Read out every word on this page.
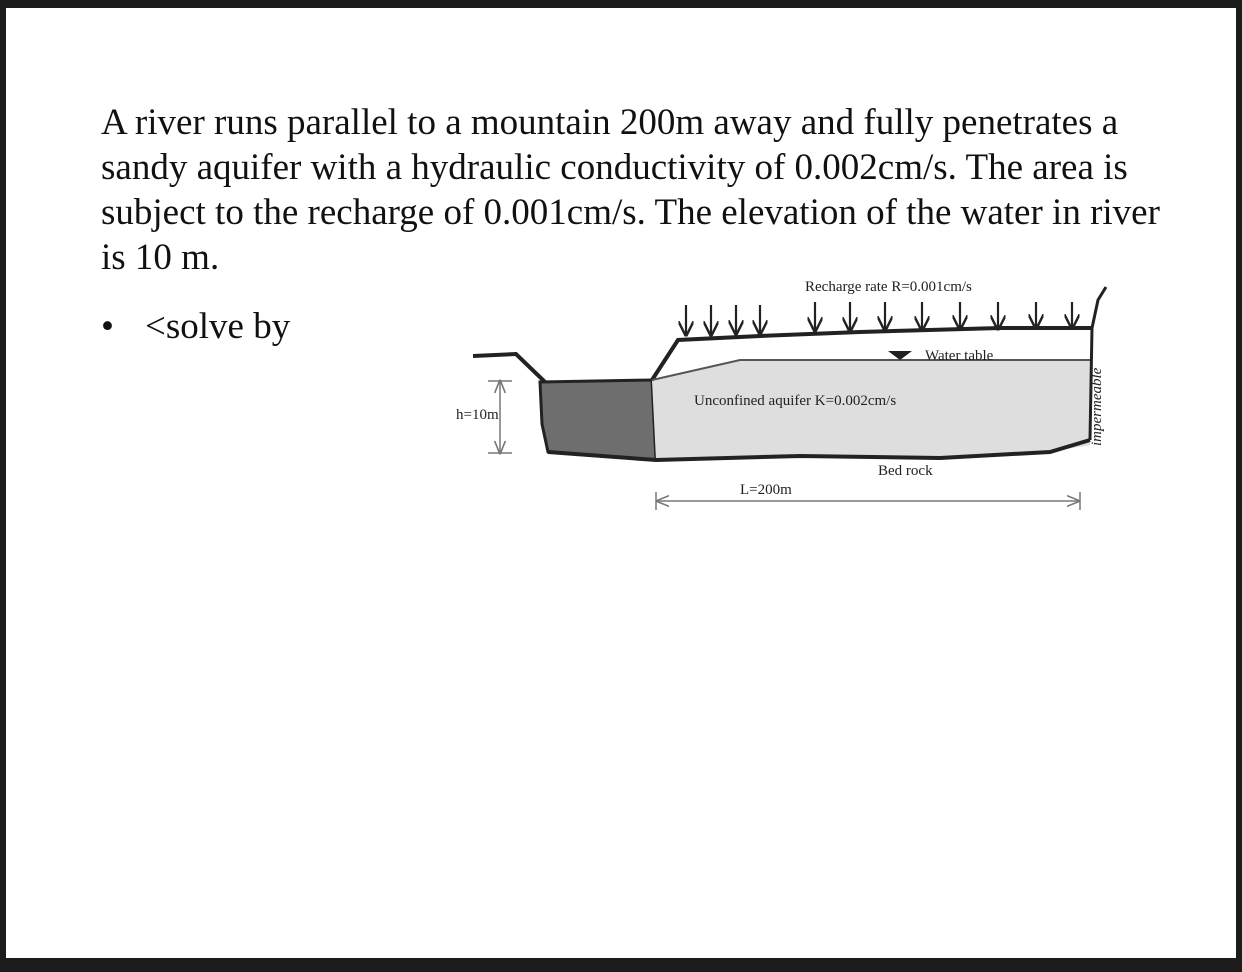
A river runs parallel to a mountain 200m away and fully penetrates a sandy aquifer with a hydraulic conductivity of 0.002cm/s. The area is subject to the recharge of 0.001cm/s. The elevation of the water in river is 10 m.

• <solve by
Recharge rate R=0.001cm/s
Water table
Unconfined aquifer K=0.002cm/s
h=10m
Bed rock
L=200m
impermeable
